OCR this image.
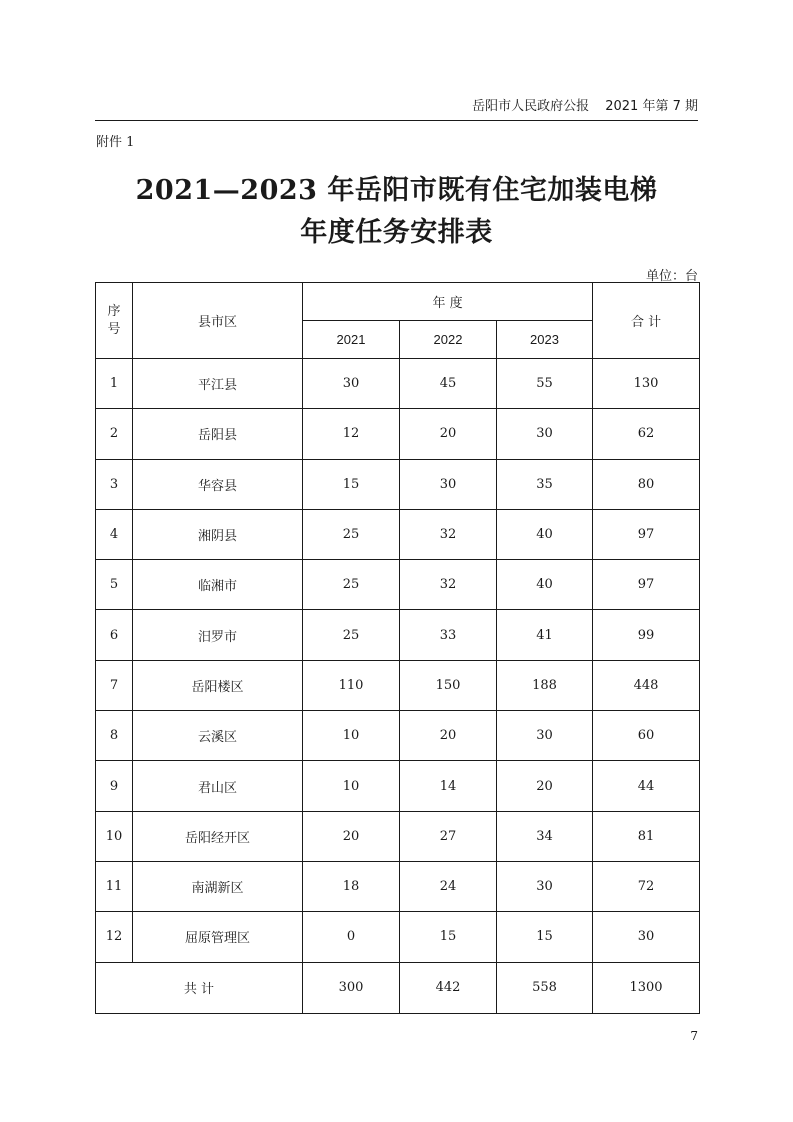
岳阳市人民政府公报 2021 年第 7 期
附件 1
2021—2023 年岳阳市既有住宅加装电梯
年度任务安排表
单位：台
序号	县市区	年 度			合 计
		2021	2022	2023	
1	平江县	30	45	55	130
2	岳阳县	12	20	30	62
3	华容县	15	30	35	80
4	湘阴县	25	32	40	97
5	临湘市	25	32	40	97
6	汨罗市	25	33	41	99
7	岳阳楼区	110	150	188	448
8	云溪区	10	20	30	60
9	君山区	10	14	20	44
10	岳阳经开区	20	27	34	81
11	南湖新区	18	24	30	72
12	屈原管理区	0	15	15	30
共 计		300	442	558	1300
7
